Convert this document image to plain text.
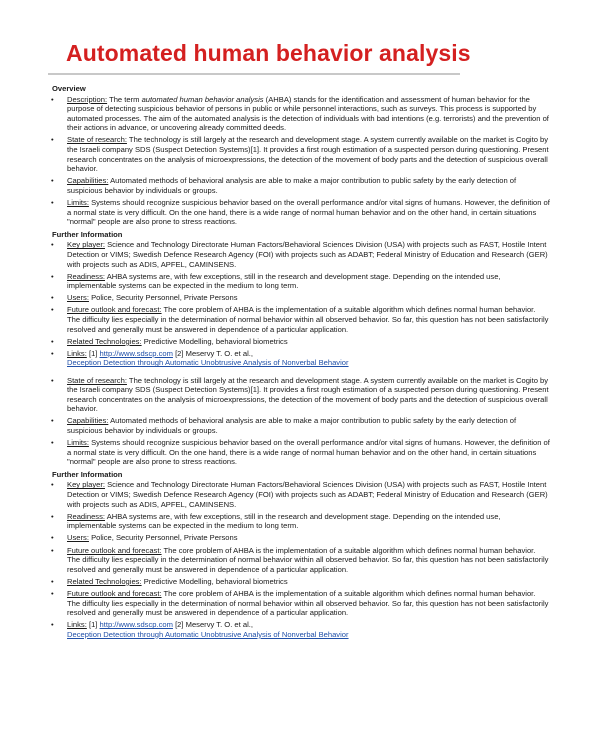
Automated human behavior analysis
Overview
• Description: The term automated human behavior analysis (AHBA) stands for the identification and assessment of human behavior for the purpose of detecting suspicious behavior of persons in public or while personnel interactions, such as surveys. This process is supported by automated processes. The aim of the automated analysis is the detection of individuals with bad intentions (e.g. terrorists) and the prevention of their actions in advance, or uncovering already committed deeds.
• State of research: The technology is still largely at the research and development stage. A system currently available on the market is Cogito by the Israeli company SDS (Suspect Detection Systems)[1]. It provides a first rough estimation of a suspected person during questioning. Present research concentrates on the analysis of microexpressions, the detection of the movement of body parts and the detection of suspicious overall behavior.
• Capabilities: Automated methods of behavioral analysis are able to make a major contribution to public safety by the early detection of suspicious behavior by individuals or groups.
• Limits: Systems should recognize suspicious behavior based on the overall performance and/or vital signs of humans. However, the definition of a normal state is very difficult. On the one hand, there is a wide range of normal human behavior and on the other hand, in certain situations "normal" people are also prone to stress reactions.
Further Information
• Key player: Science and Technology Directorate Human Factors/Behavioral Sciences Division (USA) with projects such as FAST, Hostile Intent Detection or VIMS; Swedish Defence Research Agency (FOI) with projects such as ADABT; Federal Ministry of Education and Research (GER) with projects such as ADIS, APFEL, CAMINSENS.
• Readiness: AHBA systems are, with few exceptions, still in the research and development stage. Depending on the intended use, implementable systems can be expected in the medium to long term.
• Users: Police, Security Personnel, Private Persons
• Future outlook and forecast: The core problem of AHBA is the implementation of a suitable algorithm which defines normal human behavior. The difficulty lies especially in the determination of normal behavior within all observed behavior. So far, this question has not been satisfactorily resolved and generally must be answered in dependence of a particular application.
• Related Technologies: Predictive Modelling, behavioral biometrics
• Links: [1] http://www.sdscp.com [2] Meservy T. O. et al.,
Deception Detection through Automatic Unobtrusive Analysis of Nonverbal Behavior
• State of research: The technology is still largely at the research and development stage. A system currently available on the market is Cogito by the Israeli company SDS (Suspect Detection Systems)[1]. It provides a first rough estimation of a suspected person during questioning. Present research concentrates on the analysis of microexpressions, the detection of the movement of body parts and the detection of suspicious overall behavior.
• Capabilities: Automated methods of behavioral analysis are able to make a major contribution to public safety by the early detection of suspicious behavior by individuals or groups.
• Limits: Systems should recognize suspicious behavior based on the overall performance and/or vital signs of humans. However, the definition of a normal state is very difficult. On the one hand, there is a wide range of normal human behavior and on the other hand, in certain situations "normal" people are also prone to stress reactions.
Further Information
• Key player: Science and Technology Directorate Human Factors/Behavioral Sciences Division (USA) with projects such as FAST, Hostile Intent Detection or VIMS; Swedish Defence Research Agency (FOI) with projects such as ADABT; Federal Ministry of Education and Research (GER) with projects such as ADIS, APFEL, CAMINSENS.
• Readiness: AHBA systems are, with few exceptions, still in the research and development stage. Depending on the intended use, implementable systems can be expected in the medium to long term.
• Users: Police, Security Personnel, Private Persons
• Future outlook and forecast: The core problem of AHBA is the implementation of a suitable algorithm which defines normal human behavior. The difficulty lies especially in the determination of normal behavior within all observed behavior. So far, this question has not been satisfactorily resolved and generally must be answered in dependence of a particular application.
• Related Technologies: Predictive Modelling, behavioral biometrics
• Future outlook and forecast: The core problem of AHBA is the implementation of a suitable algorithm which defines normal human behavior. The difficulty lies especially in the determination of normal behavior within all observed behavior. So far, this question has not been satisfactorily resolved and generally must be answered in dependence of a particular application.
• Links: [1] http://www.sdscp.com [2] Meservy T. O. et al.,
Deception Detection through Automatic Unobtrusive Analysis of Nonverbal Behavior
